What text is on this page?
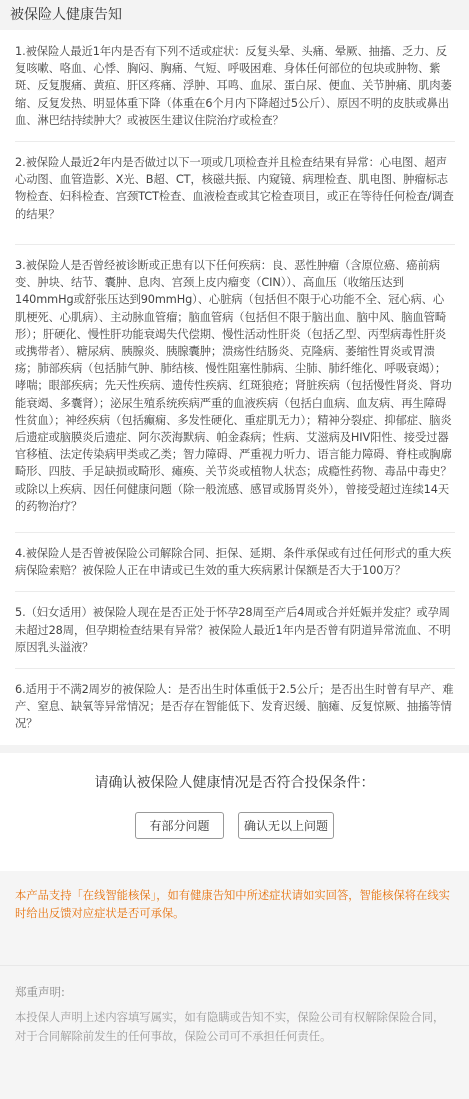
被保险人健康告知
1.被保险人最近1年内是否有下列不适或症状：反复头晕、头痛、晕厥、抽搐、乏力、反复咳嗽、咯血、心悸、胸闷、胸痛、气短、呼吸困难、身体任何部位的包块或肿物、紫斑、反复腹痛、黄疸、肝区疼痛、浮肿、耳鸣、血尿、蛋白尿、便血、关节肿痛、肌肉萎缩、反复发热、明显体重下降（体重在6个月内下降超过5公斤）、原因不明的皮肤或鼻出血、淋巴结持续肿大？或被医生建议住院治疗或检查？
2.被保险人最近2年内是否做过以下一项或几项检查并且检查结果有异常：心电图、超声心动图、血管造影、X光、B超、CT，核磁共振、内窥镜、病理检查、肌电图、肿瘤标志物检查、妇科检查、宫颈TCT检查、血液检查或其它检查项目，或正在等待任何检查/调查的结果？
3.被保险人是否曾经被诊断或正患有以下任何疾病：良、恶性肿瘤（含原位癌、癌前病变、肿块、结节、囊肿、息肉、宫颈上皮内瘤变（CIN））、高血压（收缩压达到140mmHg或舒张压达到90mmHg）、心脏病（包括但不限于心功能不全、冠心病、心肌梗死、心肌病）、主动脉血管瘤；脑血管病（包括但不限于脑出血、脑中风、脑血管畸形）；肝硬化、慢性肝功能衰竭失代偿期、慢性活动性肝炎（包括乙型、丙型病毒性肝炎或携带者）、糖尿病、胰腺炎、胰腺囊肿；溃疡性结肠炎、克隆病、萎缩性胃炎或胃溃疡；肺部疾病（包括肺气肿、肺结核、慢性阻塞性肺病、尘肺、肺纤维化、呼吸衰竭）；哮喘；眼部疾病；先天性疾病、遗传性疾病、红斑狼疮；肾脏疾病（包括慢性肾炎、肾功能衰竭、多囊肾）；泌尿生殖系统疾病严重的血液疾病（包括白血病、血友病、再生障碍性贫血）；神经疾病（包括癫痫、多发性硬化、重症肌无力）；精神分裂症、抑郁症、脑炎后遗症或脑膜炎后遗症、阿尔茨海默病、帕金森病；性病、艾滋病及HIV阳性、接受过器官移植、法定传染病甲类或乙类；智力障碍、严重视力听力、语言能力障碍、脊柱或胸廓畸形、四肢、手足缺损或畸形、瘫痪、关节炎或植物人状态；成瘾性药物、毒品中毒史？或除以上疾病、因任何健康问题（除一般流感、感冒或肠胃炎外），曾接受超过连续14天的药物治疗？
4.被保险人是否曾被保险公司解除合同、拒保、延期、条件承保或有过任何形式的重大疾病保险索赔？被保险人正在申请或已生效的重大疾病累计保额是否大于100万？
5.（妇女适用）被保险人现在是否正处于怀孕28周至产后4周或合并妊娠并发症？或孕周未超过28周，但孕期检查结果有异常？被保险人最近1年内是否曾有阴道异常流血、不明原因乳头溢液？
6.适用于不满2周岁的被保险人：是否出生时体重低于2.5公斤；是否出生时曾有早产、难产、窒息、缺氧等异常情况；是否存在智能低下、发育迟缓、脑瘫、反复惊厥、抽搐等情况？
请确认被保险人健康情况是否符合投保条件：
有部分问题	确认无以上问题
本产品支持「在线智能核保」，如有健康告知中所述症状请如实回答，智能核保将在线实时给出反馈对应症状是否可承保。
郑重声明:
本投保人声明上述内容填写属实，如有隐瞒或告知不实，保险公司有权解除保险合同，对于合同解除前发生的任何事故，保险公司可不承担任何责任。
